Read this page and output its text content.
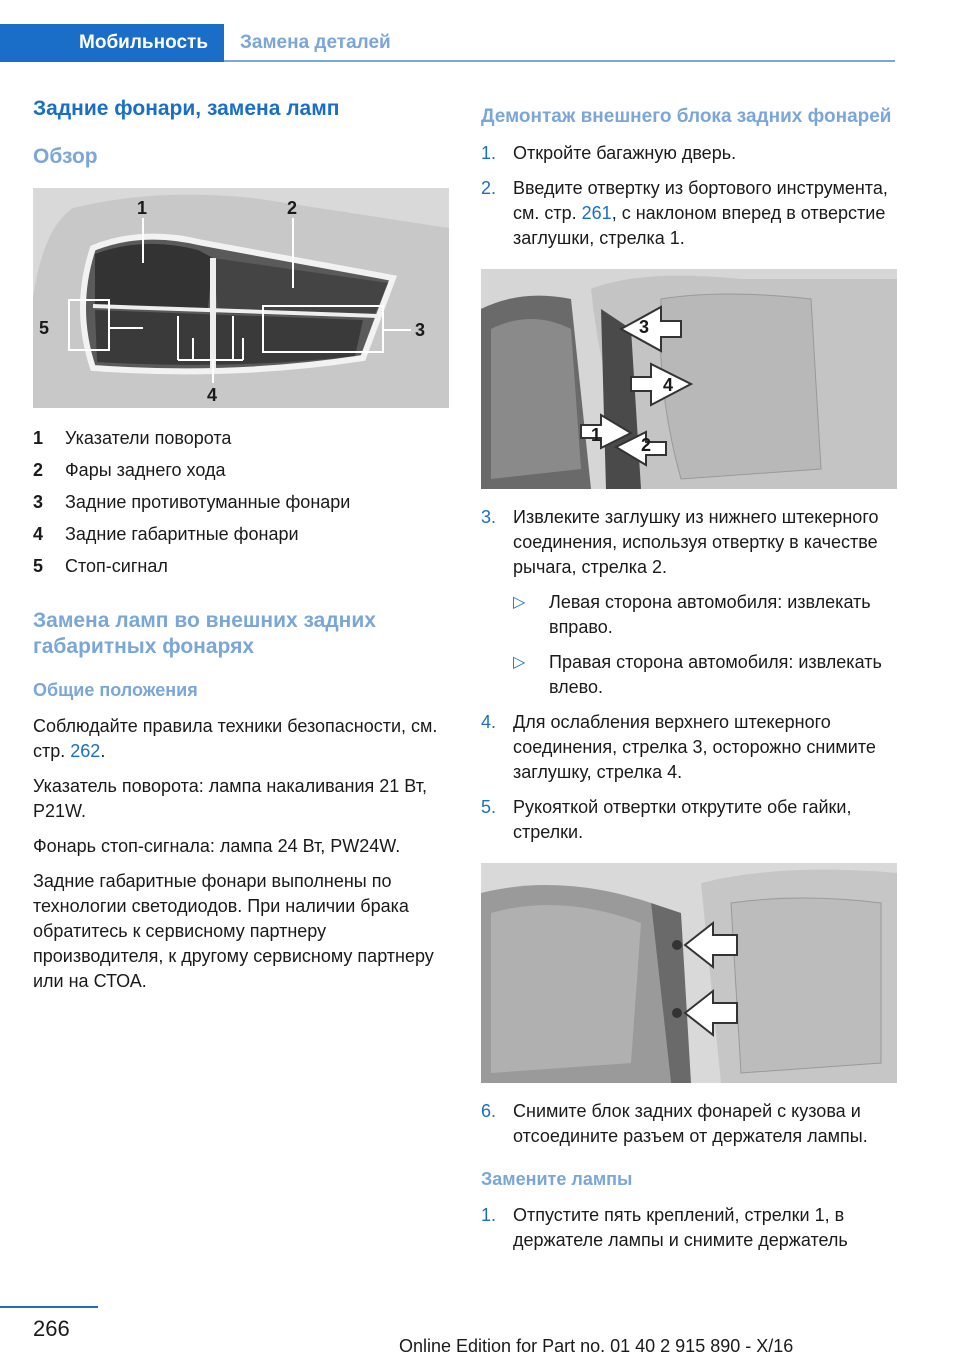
Мобильность	Замена деталей
Задние фонари, замена ламп
Обзор
1	2
3
4
5
1	Указатели поворота
2	Фары заднего хода
3	Задние противотуманные фонари
4	Задние габаритные фонари
5	Стоп-сигнал
Замена ламп во внешних задних габаритных фонарях
Общие положения

Соблюдайте правила техники безопасности, см. стр. 262.

Указатель поворота: лампа накаливания 21 Вт, P21W.

Фонарь стоп-сигнала: лампа 24 Вт, PW24W.

Задние габаритные фонари выполнены по технологии светодиодов. При наличии брака обратитесь к сервисному партнеру производителя, к другому сервисному партнеру или на СТОА.

Демонтаж внешнего блока задних фонарей
1. Откройте багажную дверь.
2. Введите отвертку из бортового инструмента, см. стр. 261, с наклоном вперед в отверстие заглушки, стрелка 1.
3
4
1 2
3. Извлеките заглушку из нижнего штекерного соединения, используя отвертку в качестве рычага, стрелка 2.
▷	Левая сторона автомобиля: извлекать вправо.
▷	Правая сторона автомобиля: извлекать влево.
4. Для ослабления верхнего штекерного соединения, стрелка 3, осторожно снимите заглушку, стрелка 4.
5. Рукояткой отвертки открутите обе гайки, стрелки.
6. Снимите блок задних фонарей с кузова и отсоедините разъем от держателя лампы.
Замените лампы
1. Отпустите пять креплений, стрелки 1, в держателе лампы и снимите держатель
266
Online Edition for Part no. 01 40 2 915 890 - X/16
